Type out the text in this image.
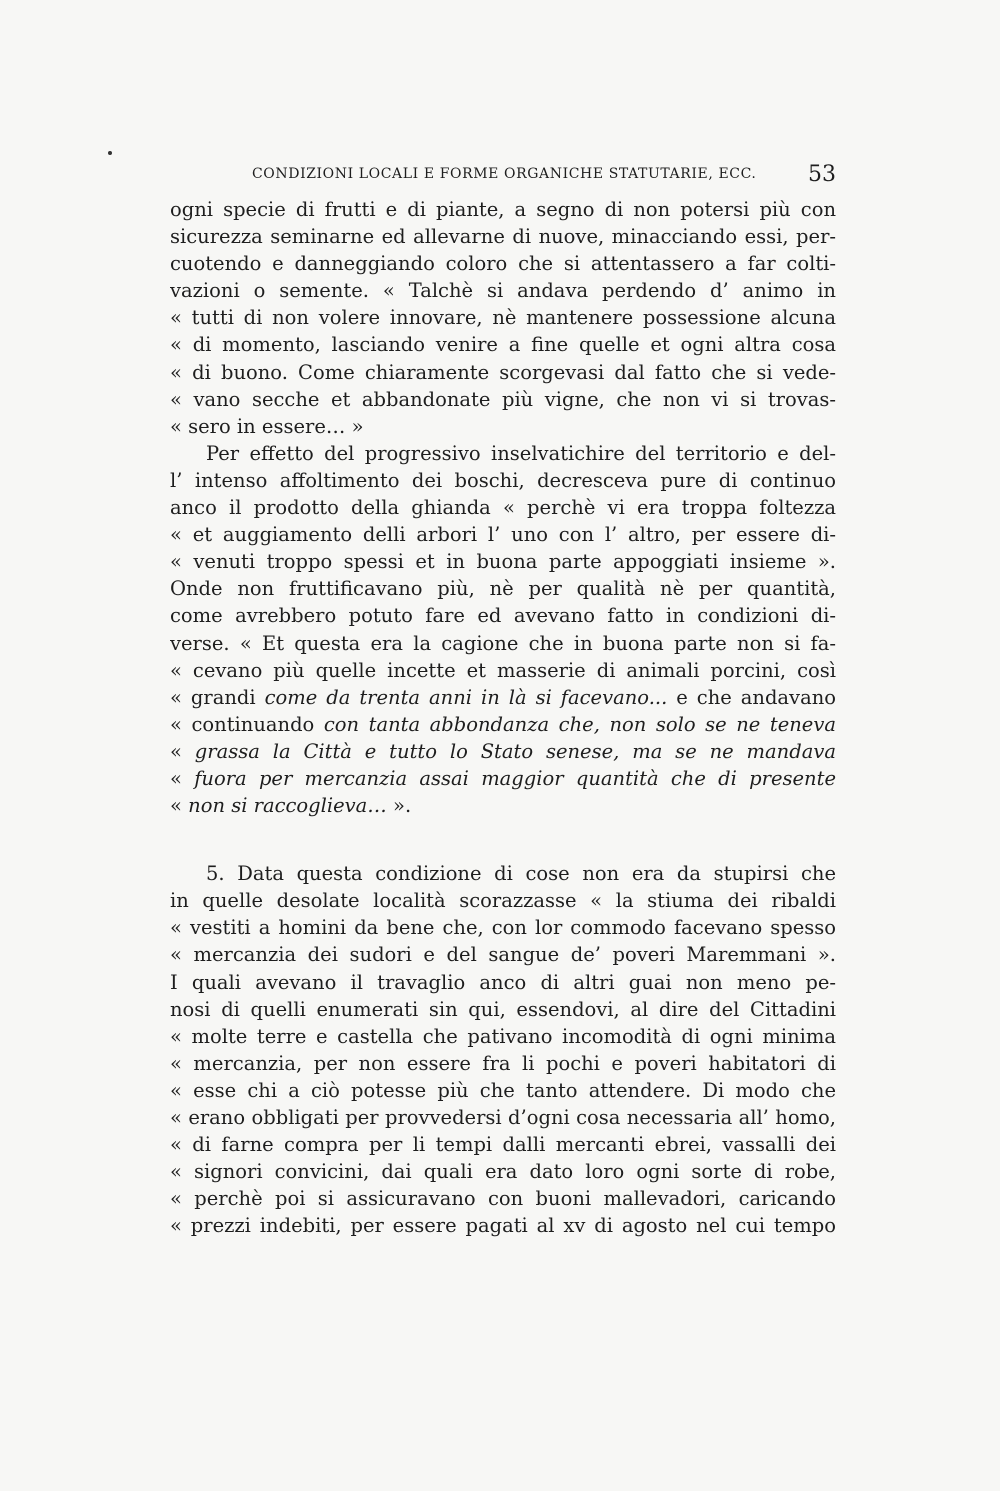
CONDIZIONI LOCALI E FORME ORGANICHE STATUTARIE, ECC. 53
ogni specie di frutti e di piante, a segno di non potersi più con
sicurezza seminarne ed allevarne di nuove, minacciando essi, per-
cuotendo e danneggiando coloro che si attentassero a far colti-
vazioni o semente. « Talchè si andava perdendo d’ animo in
« tutti di non volere innovare, nè mantenere possessione alcuna
« di momento, lasciando venire a fine quelle et ogni altra cosa
« di buono. Come chiaramente scorgevasi dal fatto che si vede-
« vano secche et abbandonate più vigne, che non vi si trovas-
« sero in essere… »
Per effetto del progressivo inselvatichire del territorio e del-
l’ intenso affoltimento dei boschi, decresceva pure di continuo
anco il prodotto della ghianda « perchè vi era troppa foltezza
« et auggiamento delli arbori l’ uno con l’ altro, per essere di-
« venuti troppo spessi et in buona parte appoggiati insieme ».
Onde non fruttificavano più, nè per qualità nè per quantità,
come avrebbero potuto fare ed avevano fatto in condizioni di-
verse. « Et questa era la cagione che in buona parte non si fa-
« cevano più quelle incette et masserie di animali porcini, così
« grandi come da trenta anni in là si facevano... e che andavano
« continuando con tanta abbondanza che, non solo se ne teneva
« grassa la Città e tutto lo Stato senese, ma se ne mandava
« fuora per mercanzia assai maggior quantità che di presente
« non si raccoglieva… ».
5. Data questa condizione di cose non era da stupirsi che
in quelle desolate località scorazzasse « la stiuma dei ribaldi
« vestiti a homini da bene che, con lor commodo facevano spesso
« mercanzia dei sudori e del sangue de’ poveri Maremmani ».
I quali avevano il travaglio anco di altri guai non meno pe-
nosi di quelli enumerati sin qui, essendovi, al dire del Cittadini
« molte terre e castella che pativano incomodità di ogni minima
« mercanzia, per non essere fra li pochi e poveri habitatori di
« esse chi a ciò potesse più che tanto attendere. Di modo che
« erano obbligati per provvedersi d’ogni cosa necessaria all’ homo,
« di farne compra per li tempi dalli mercanti ebrei, vassalli dei
« signori convicini, dai quali era dato loro ogni sorte di robe,
« perchè poi si assicuravano con buoni mallevadori, caricando
« prezzi indebiti, per essere pagati al xv di agosto nel cui tempo
